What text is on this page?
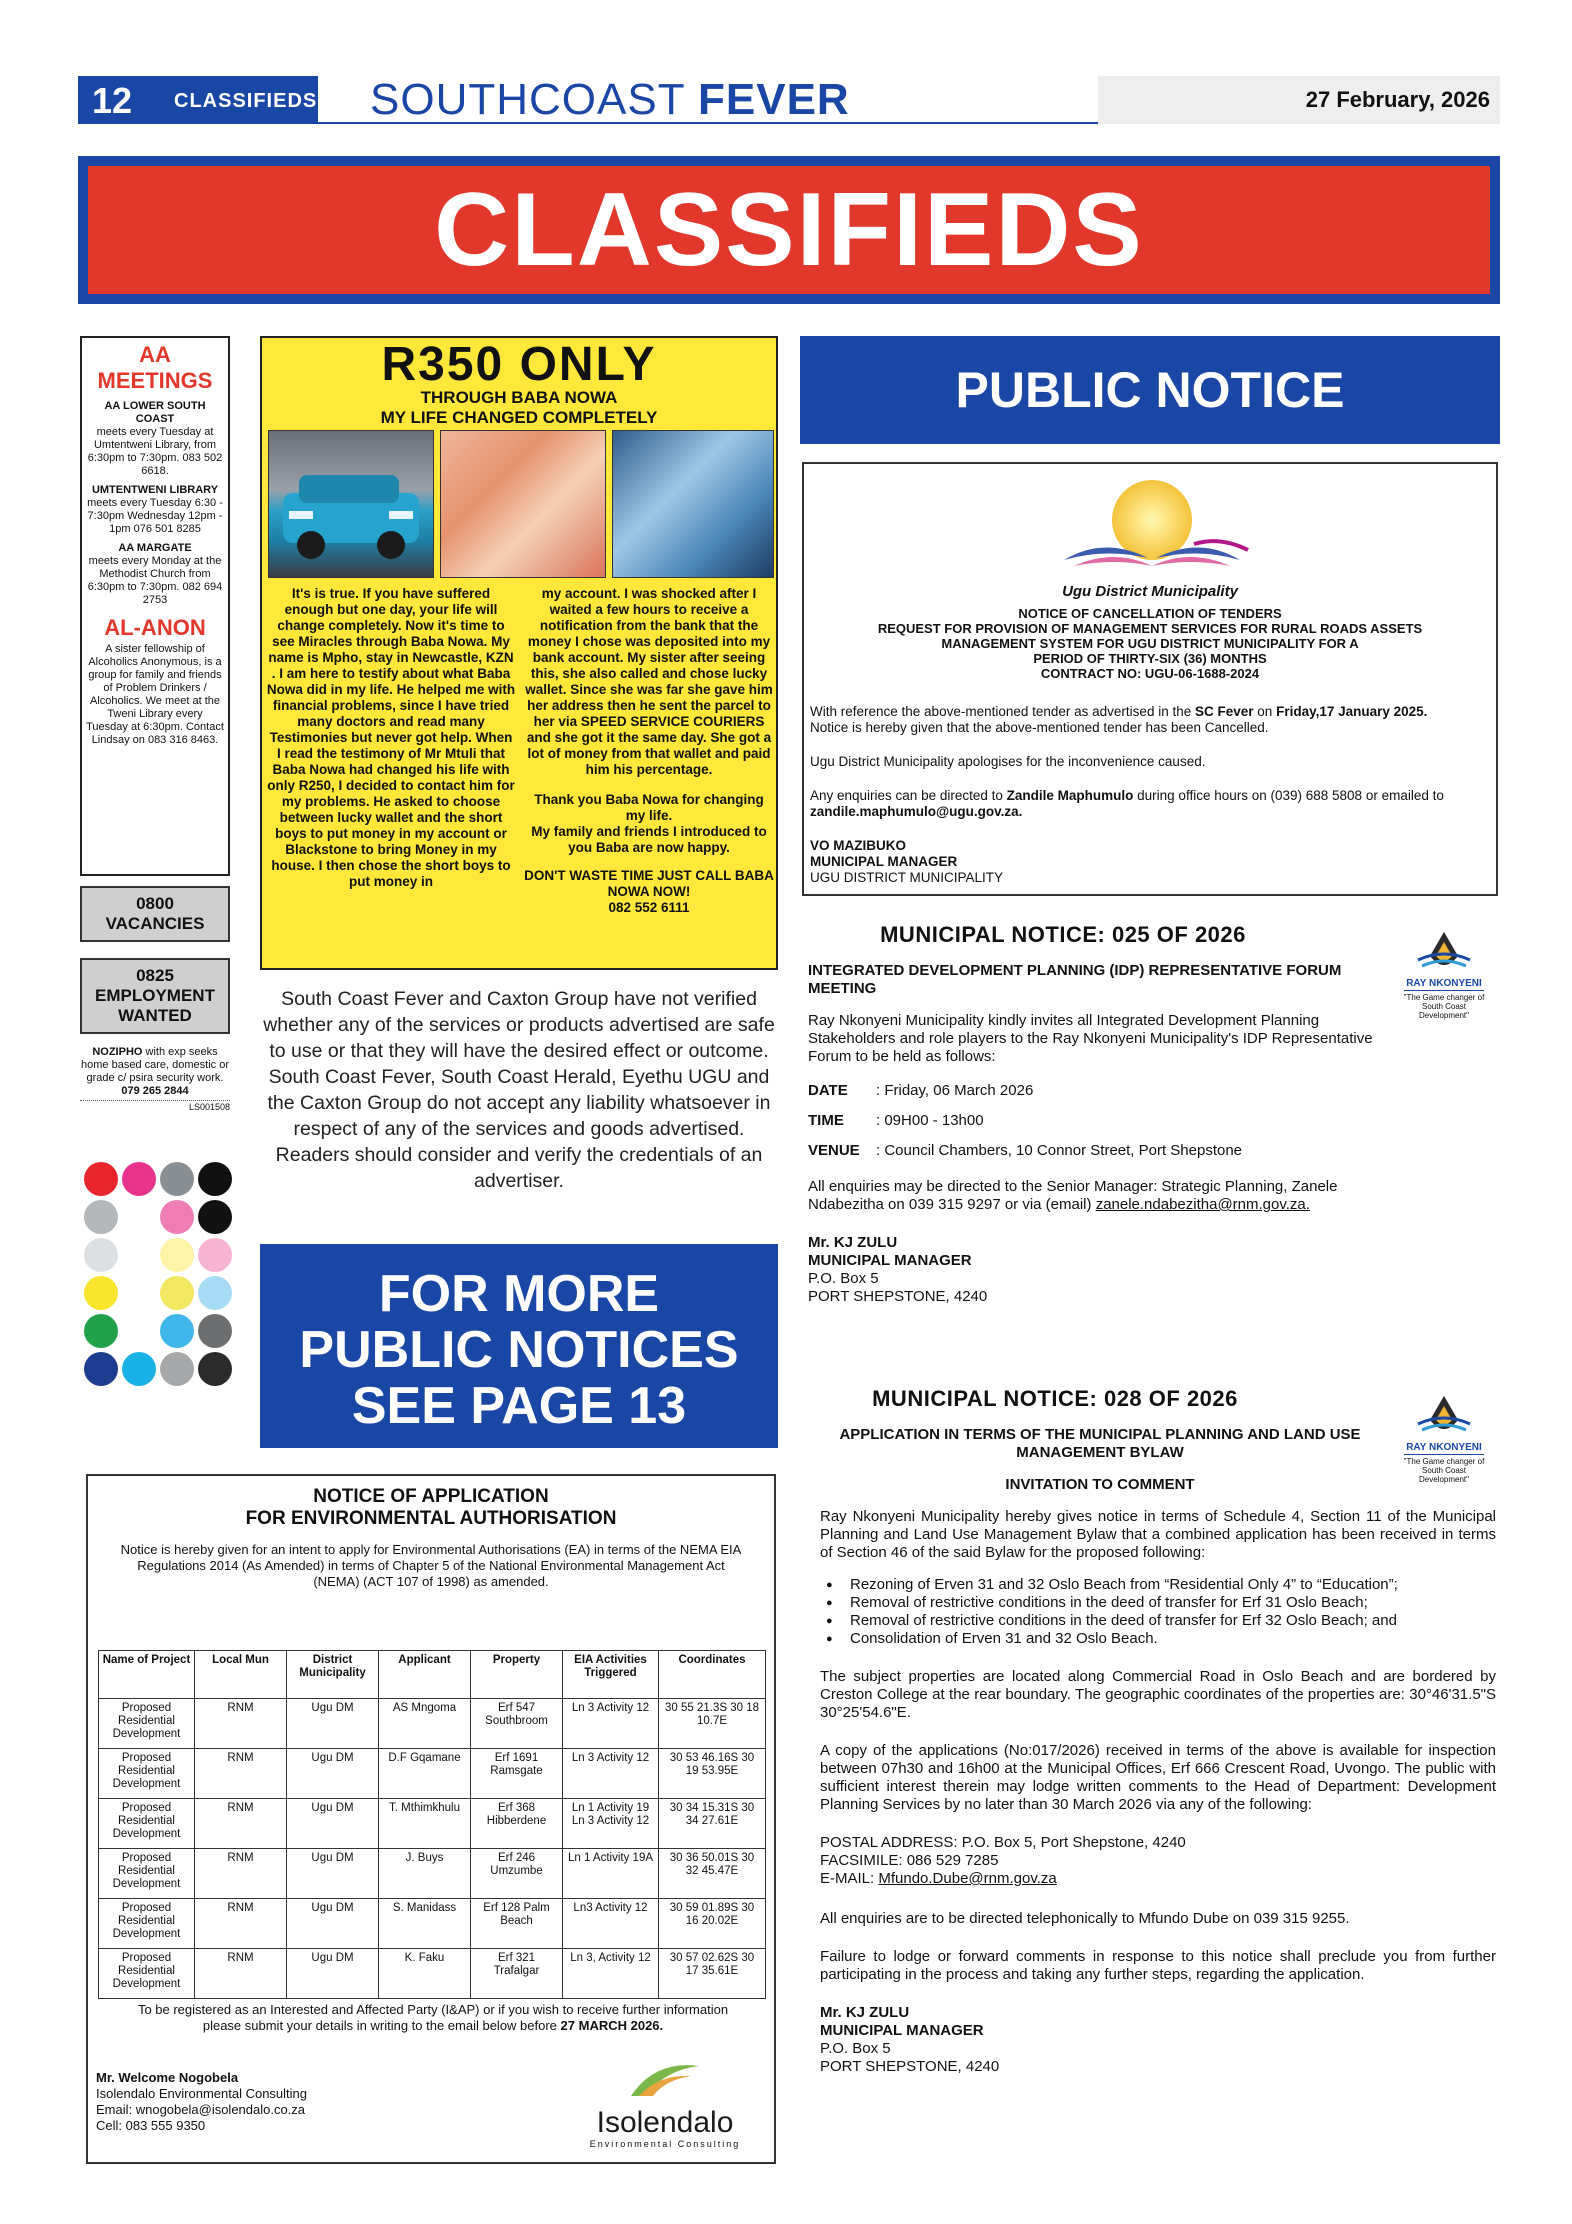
12 CLASSIFIEDS SOUTHCOAST FEVER	27 February, 2026
CLASSIFIEDS
AA MEETINGS

AA LOWER SOUTH COAST
meets every Tuesday at Umtentweni Library, from 6:30pm to 7:30pm. 083 502 6618.

UMTENTWENI LIBRARY
meets every Tuesday 6:30 - 7:30pm Wednesday 12pm - 1pm 076 501 8285

AA MARGATE
meets every Monday at the Methodist Church from 6:30pm to 7:30pm. 082 694 2753

AL-ANON

A sister fellowship of Alcoholics Anonymous, is a group for family and friends of Problem Drinkers / Alcoholics. We meet at the Tweni Library every Tuesday at 6:30pm. Contact Lindsay on 083 316 8463.

0800
VACANCIES
0825
EMPLOYMENT WANTED
NOZIPHO with exp seeks home based care, domestic or grade c/ psira security work.
079 265 2844
LS001508
R350 ONLY
THROUGH BABA NOWA
MY LIFE CHANGED COMPLETELY
It's is true. If you have suffered enough but one day, your life will change completely. Now it's time to see Miracles through Baba Nowa. My name is Mpho, stay in Newcastle, KZN . I am here to testify about what Baba Nowa did in my life. He helped me with financial problems, since I have tried many doctors and read many Testimonies but never got help. When I read the testimony of Mr Mtuli that Baba Nowa had changed his life with only R250, I decided to contact him for my problems. He asked to choose between lucky wallet and the short boys to put money in my account or Blackstone to bring Money in my house. I then chose the short boys to put money in
my account. I was shocked after I waited a few hours to receive a notification from the bank that the money I chose was deposited into my bank account. My sister after seeing this, she also called and chose lucky wallet. Since she was far she gave him her address then he sent the parcel to her via SPEED SERVICE COURIERS and she got it the same day. She got a lot of money from that wallet and paid him his percentage.
Thank you Baba Nowa for changing my life.
My family and friends I introduced to you Baba are now happy.
DON'T WASTE TIME JUST CALL BABA NOWA NOW!
082 552 6111
South Coast Fever and Caxton Group have not verified whether any of the services or products advertised are safe to use or that they will have the desired effect or outcome. South Coast Fever, South Coast Herald, Eyethu UGU and the Caxton Group do not accept any liability whatsoever in respect of any of the services and goods advertised. Readers should consider and verify the credentials of an advertiser.
FOR MORE
PUBLIC NOTICES
SEE PAGE 13
NOTICE OF APPLICATION
FOR ENVIRONMENTAL AUTHORISATION
Notice is hereby given for an intent to apply for Environmental Authorisations (EA) in terms of the NEMA EIA Regulations 2014 (As Amended) in terms of Chapter 5 of the National Environmental Management Act (NEMA) (ACT 107 of 1998) as amended.
Name of Project	Local Mun	District Municipality	Applicant	Property	EIA Activities Triggered	Coordinates
Proposed Residential Development	RNM	Ugu DM	AS Mngoma	Erf 547 Southbroom	Ln 3 Activity 12	30 55 21.3S 30 18 10.7E
Proposed Residential Development	RNM	Ugu DM	D.F Gqamane	Erf 1691 Ramsgate	Ln 3 Activity 12	30 53 46.16S 30 19 53.95E
Proposed Residential Development	RNM	Ugu DM	T. Mthimkhulu	Erf 368 Hibberdene	Ln 1 Activity 19 Ln 3 Activity 12	30 34 15.31S 30 34 27.61E
Proposed Residential Development	RNM	Ugu DM	J. Buys	Erf 246 Umzumbe	Ln 1 Activity 19A	30 36 50.01S 30 32 45.47E
Proposed Residential Development	RNM	Ugu DM	S. Manidass	Erf 128 Palm Beach	Ln3 Activity 12	30 59 01.89S 30 16 20.02E
Proposed Residential Development	RNM	Ugu DM	K. Faku	Erf 321 Trafalgar	Ln 3, Activity 12	30 57 02.62S 30 17 35.61E
To be registered as an Interested and Affected Party (I&AP) or if you wish to receive further information please submit your details in writing to the email below before 27 MARCH 2026.
Mr. Welcome Nogobela
Isolendalo Environmental Consulting
Email: wnogobela@isolendalo.co.za
Cell: 083 555 9350	Isolendalo
Environmental Consulting
PUBLIC NOTICE
Ugu District Municipality
NOTICE OF CANCELLATION OF TENDERS
REQUEST FOR PROVISION OF MANAGEMENT SERVICES FOR RURAL ROADS ASSETS
MANAGEMENT SYSTEM FOR UGU DISTRICT MUNICIPALITY FOR A
PERIOD OF THIRTY-SIX (36) MONTHS
CONTRACT NO: UGU-06-1688-2024

With reference the above-mentioned tender as advertised in the SC Fever on Friday,17 January 2025.
Notice is hereby given that the above-mentioned tender has been Cancelled.

Ugu District Municipality apologises for the inconvenience caused.

Any enquiries can be directed to Zandile Maphumulo during office hours on (039) 688 5808 or emailed to zandile.maphumulo@ugu.gov.za.

VO MAZIBUKO
MUNICIPAL MANAGER
UGU DISTRICT MUNICIPALITY
MUNICIPAL NOTICE: 025 OF 2026
INTEGRATED DEVELOPMENT PLANNING (IDP) REPRESENTATIVE FORUM MEETING

Ray Nkonyeni Municipality kindly invites all Integrated Development Planning Stakeholders and role players to the Ray Nkonyeni Municipality's IDP Representative Forum to be held as follows:

DATE : Friday, 06 March 2026
TIME : 09H00 - 13h00
VENUE : Council Chambers, 10 Connor Street, Port Shepstone

All enquiries may be directed to the Senior Manager: Strategic Planning, Zanele Ndabezitha on 039 315 9297 or via (email) zanele.ndabezitha@rnm.gov.za.

Mr. KJ ZULU
MUNICIPAL MANAGER
P.O. Box 5
PORT SHEPSTONE, 4240
RAY NKONYENI
"The Game changer of South Coast Development"
MUNICIPAL NOTICE: 028 OF 2026
APPLICATION IN TERMS OF THE MUNICIPAL PLANNING AND LAND USE MANAGEMENT BYLAW
INVITATION TO COMMENT

Ray Nkonyeni Municipality hereby gives notice in terms of Schedule 4, Section 11 of the Municipal Planning and Land Use Management Bylaw that a combined application has been received in terms of Section 46 of the said Bylaw for the proposed following:

● Rezoning of Erven 31 and 32 Oslo Beach from “Residential Only 4” to “Education”;
● Removal of restrictive conditions in the deed of transfer for Erf 31 Oslo Beach;
● Removal of restrictive conditions in the deed of transfer for Erf 32 Oslo Beach; and
● Consolidation of Erven 31 and 32 Oslo Beach.

The subject properties are located along Commercial Road in Oslo Beach and are bordered by Creston College at the rear boundary. The geographic coordinates of the properties are: 30°46'31.5"S 30°25'54.6"E.

A copy of the applications (No:017/2026) received in terms of the above is available for inspection between 07h30 and 16h00 at the Municipal Offices, Erf 666 Crescent Road, Uvongo. The public with sufficient interest therein may lodge written comments to the Head of Department: Development Planning Services by no later than 30 March 2026 via any of the following:

POSTAL ADDRESS: P.O. Box 5, Port Shepstone, 4240
FACSIMILE: 086 529 7285
E-MAIL: Mfundo.Dube@rnm.gov.za

All enquiries are to be directed telephonically to Mfundo Dube on 039 315 9255.

Failure to lodge or forward comments in response to this notice shall preclude you from further participating in the process and taking any further steps, regarding the application.

Mr. KJ ZULU
MUNICIPAL MANAGER
P.O. Box 5
PORT SHEPSTONE, 4240
RAY NKONYENI
"The Game changer of South Coast Development"
